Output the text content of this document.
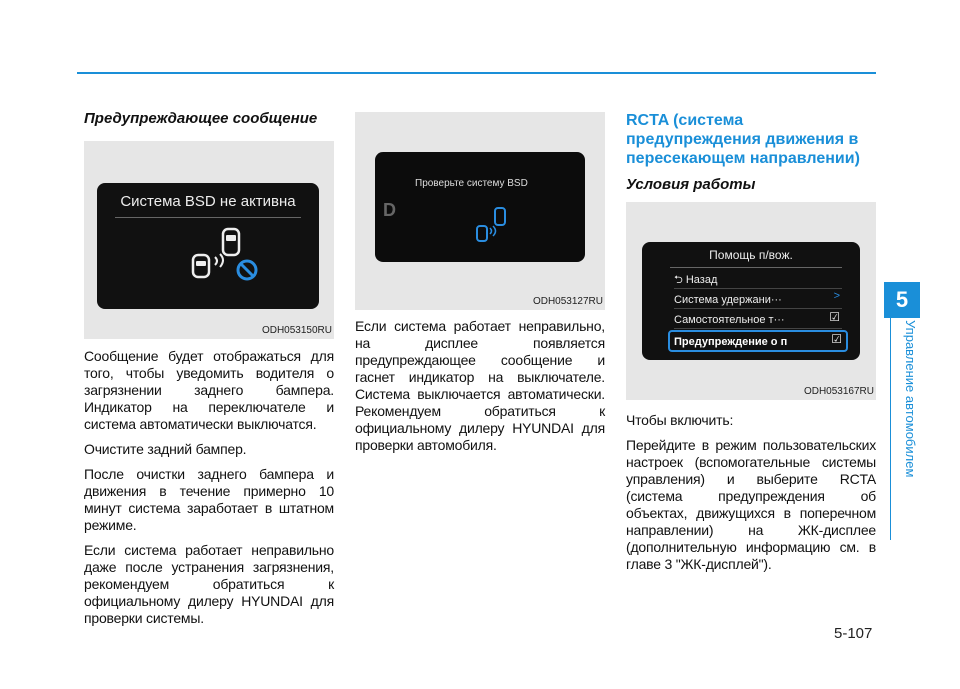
Предупреждающее сообщение
Система BSD не активна
ODH053150RU

Сообщение будет отображаться для того, чтобы уведомить водителя о загрязнении заднего бампера. Индикатор на переключателе и система автоматически выключатся.

Очистите задний бампер.

После очистки заднего бампера и движения в течение примерно 10 минут система заработает в штатном режиме.

Если система работает неправильно даже после устранения загрязнения, рекомендуем обратиться к официальному дилеру HYUNDAI для проверки системы.

Проверьте систему BSD
D
ODH053127RU

Если система работает неправильно, на дисплее появляется предупреждающее сообщение и гаснет индикатор на выключателе. Система выключается автоматически. Рекомендуем обратиться к официальному дилеру HYUNDAI для проверки автомобиля.

RCTA (система предупреждения движения в пересекающем направлении)
Условия работы
Помощь п/вож.
⮌ Назад
Система удержани···	>
Самостоятельное т···	☑
Предупреждение о п	☑
ODH053167RU

Чтобы включить:

Перейдите в режим пользовательских настроек (вспомогательные системы управления) и выберите RCTA (система предупреждения об объектах, движущихся в поперечном направлении) на ЖК-дисплее (дополнительную информацию см. в главе 3 "ЖК-дисплей").

5
Управление автомобилем
5-107
